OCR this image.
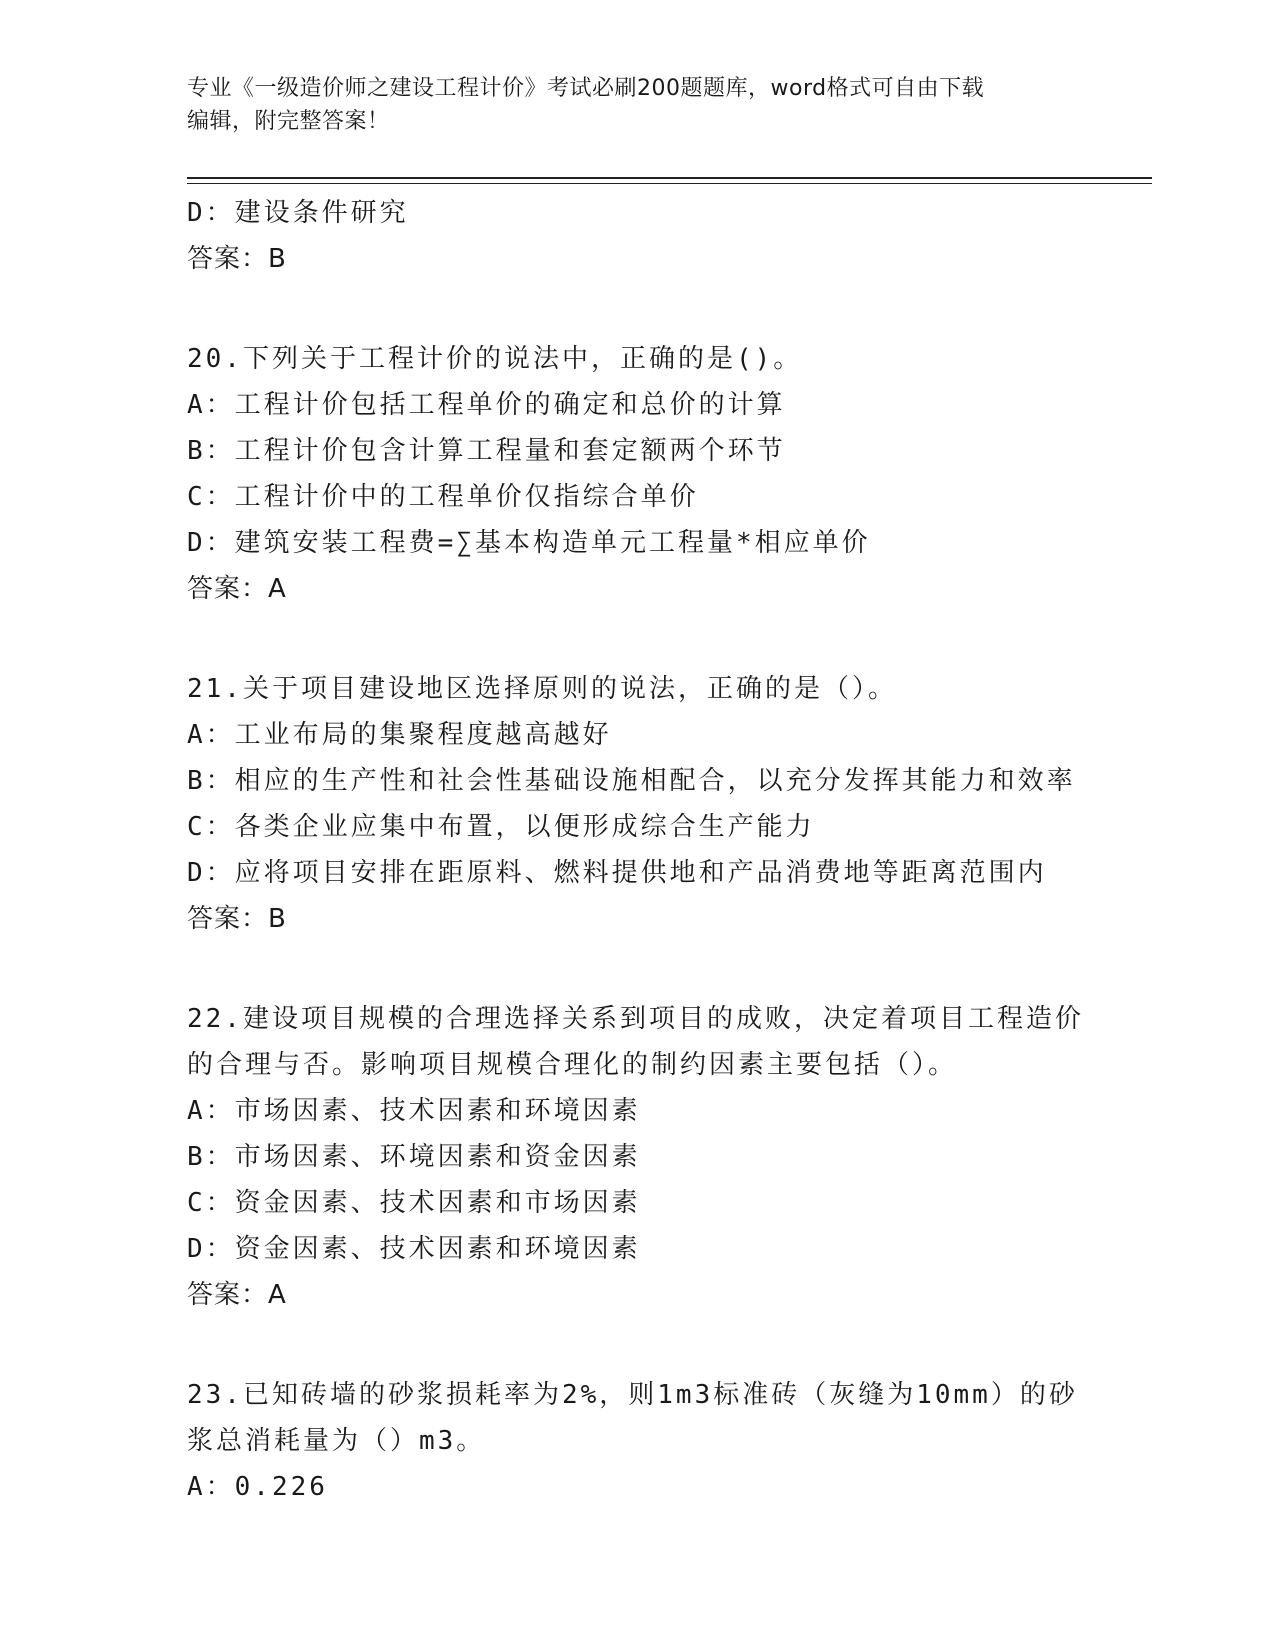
专业《一级造价师之建设工程计价》考试必刷200题题库，word格式可自由下载
编辑，附完整答案！
D：建设条件研究
答案：B
20.下列关于工程计价的说法中，正确的是()。
A：工程计价包括工程单价的确定和总价的计算
B：工程计价包含计算工程量和套定额两个环节
C：工程计价中的工程单价仅指综合单价
D：建筑安装工程费=∑基本构造单元工程量*相应单价
答案：A
21.关于项目建设地区选择原则的说法，正确的是（）。
A：工业布局的集聚程度越高越好
B：相应的生产性和社会性基础设施相配合，以充分发挥其能力和效率
C：各类企业应集中布置，以便形成综合生产能力
D：应将项目安排在距原料、燃料提供地和产品消费地等距离范围内
答案：B
22.建设项目规模的合理选择关系到项目的成败，决定着项目工程造价
的合理与否。影响项目规模合理化的制约因素主要包括（）。
A：市场因素、技术因素和环境因素
B：市场因素、环境因素和资金因素
C：资金因素、技术因素和市场因素
D：资金因素、技术因素和环境因素
答案：A
23.已知砖墙的砂浆损耗率为2%，则1m3标准砖（灰缝为10mm）的砂
浆总消耗量为（）m3。
A：0.226
